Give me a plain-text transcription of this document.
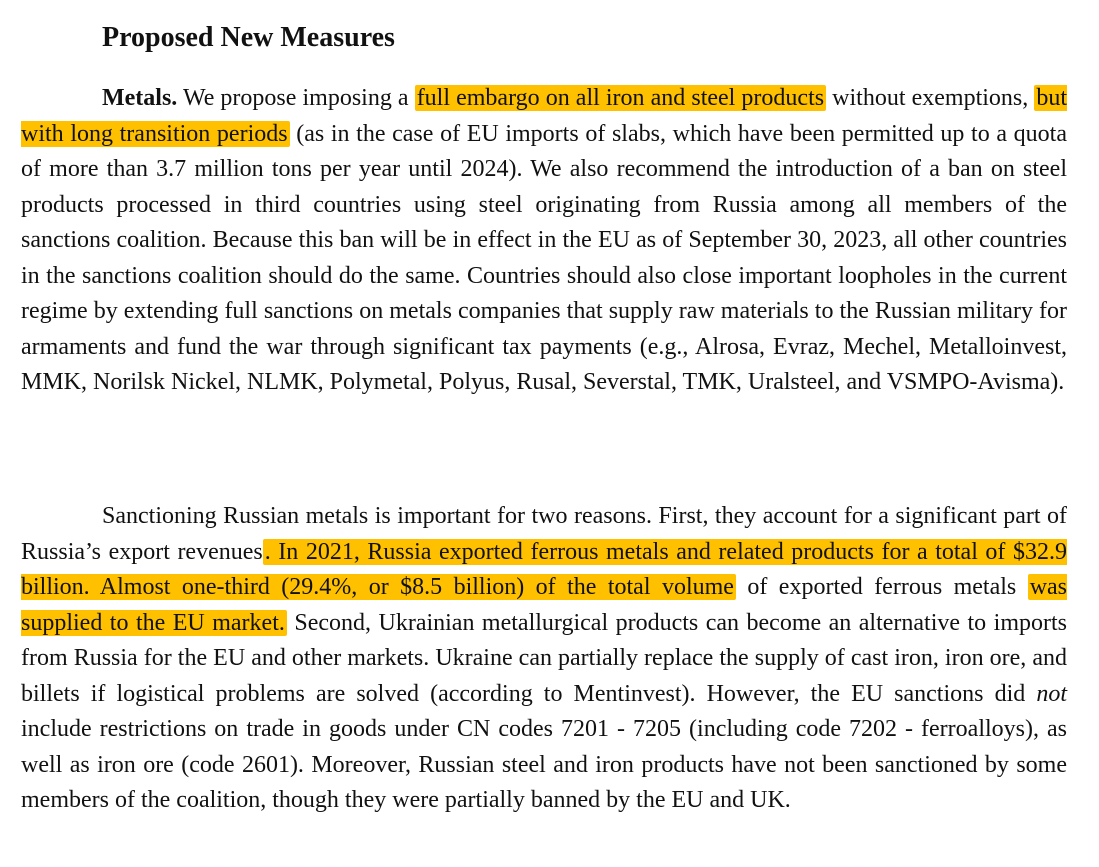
Proposed New Measures

Metals. We propose imposing a full embargo on all iron and steel products without exemptions, but with long transition periods (as in the case of EU imports of slabs, which have been permitted up to a quota of more than 3.7 million tons per year until 2024). We also recommend the introduction of a ban on steel products processed in third countries using steel originating from Russia among all members of the sanctions coalition. Because this ban will be in effect in the EU as of September 30, 2023, all other countries in the sanctions coalition should do the same. Countries should also close important loopholes in the current regime by extending full sanctions on metals companies that supply raw materials to the Russian military for armaments and fund the war through significant tax payments (e.g., Alrosa, Evraz, Mechel, Metalloinvest, MMK, Norilsk Nickel, NLMK, Polymetal, Polyus, Rusal, Severstal, TMK, Uralsteel, and VSMPO-Avisma).

Sanctioning Russian metals is important for two reasons. First, they account for a significant part of Russia’s export revenues. In 2021, Russia exported ferrous metals and related products for a total of $32.9 billion. Almost one-third (29.4%, or $8.5 billion) of the total volume of exported ferrous metals was supplied to the EU market. Second, Ukrainian metallurgical products can become an alternative to imports from Russia for the EU and other markets. Ukraine can partially replace the supply of cast iron, iron ore, and billets if logistical problems are solved (according to Mentinvest). However, the EU sanctions did not include restrictions on trade in goods under CN codes 7201 - 7205 (including code 7202 - ferroalloys), as well as iron ore (code 2601). Moreover, Russian steel and iron products have not been sanctioned by some members of the coalition, though they were partially banned by the EU and UK.
